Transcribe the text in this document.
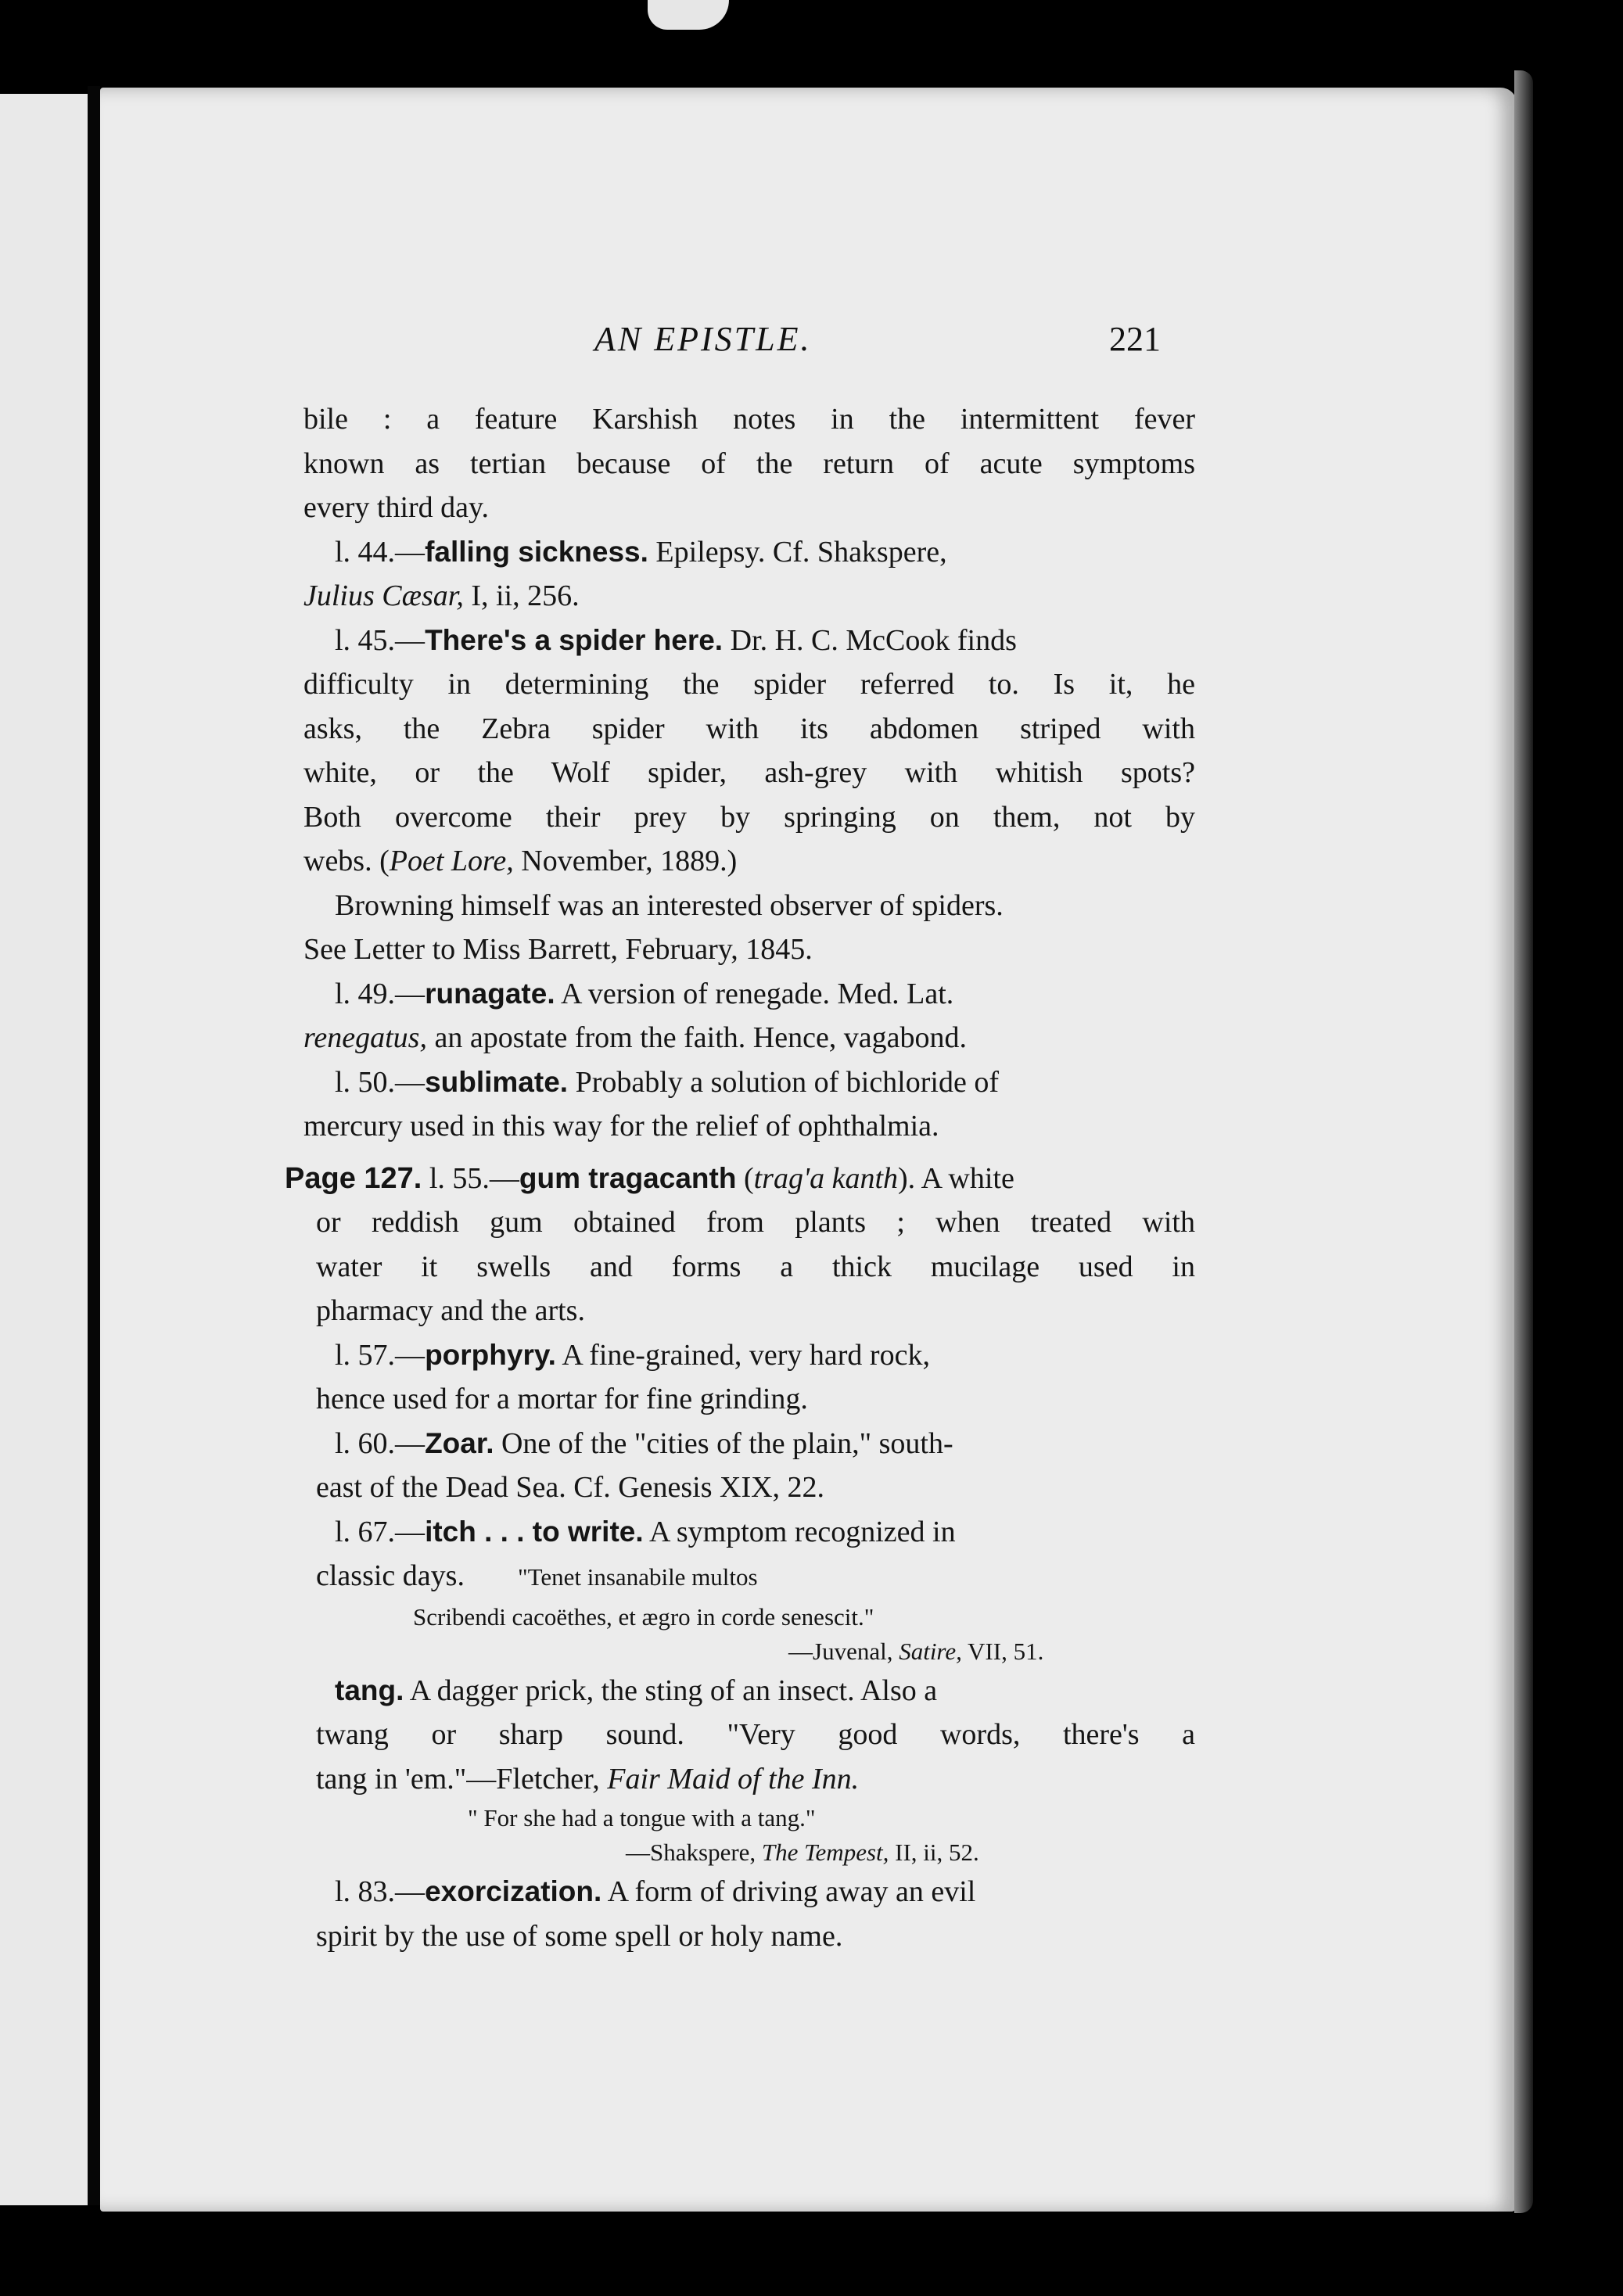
AN EPISTLE.	221
bile : a feature Karshish notes in the intermittent fever
known as tertian because of the return of acute symptoms
every third day.
l. 44.—falling sickness. Epilepsy. Cf. Shakspere,
Julius Cæsar, I, ii, 256.
l. 45.—There's a spider here. Dr. H. C. McCook finds
difficulty in determining the spider referred to. Is it, he
asks, the Zebra spider with its abdomen striped with
white, or the Wolf spider, ash-grey with whitish spots?
Both overcome their prey by springing on them, not by
webs. (Poet Lore, November, 1889.)
Browning himself was an interested observer of spiders.
See Letter to Miss Barrett, February, 1845.
l. 49.—runagate. A version of renegade. Med. Lat.
renegatus, an apostate from the faith. Hence, vagabond.
l. 50.—sublimate. Probably a solution of bichloride of
mercury used in this way for the relief of ophthalmia.
Page 127. l. 55.—gum tragacanth (trag'a kanth). A white
or reddish gum obtained from plants ; when treated with
water it swells and forms a thick mucilage used in
pharmacy and the arts.
l. 57.—porphyry. A fine-grained, very hard rock,
hence used for a mortar for fine grinding.
l. 60.—Zoar. One of the "cities of the plain," south-
east of the Dead Sea. Cf. Genesis XIX, 22.
l. 67.—itch . . . to write. A symptom recognized in
classic days. "Tenet insanabile multos
Scribendi cacoëthes, et ægro in corde senescit."
—Juvenal, Satire, VII, 51.
tang. A dagger prick, the sting of an insect. Also a
twang or sharp sound. "Very good words, there's a
tang in 'em."—Fletcher, Fair Maid of the Inn.
" For she had a tongue with a tang."
—Shakspere, The Tempest, II, ii, 52.
l. 83.—exorcization. A form of driving away an evil
spirit by the use of some spell or holy name.
